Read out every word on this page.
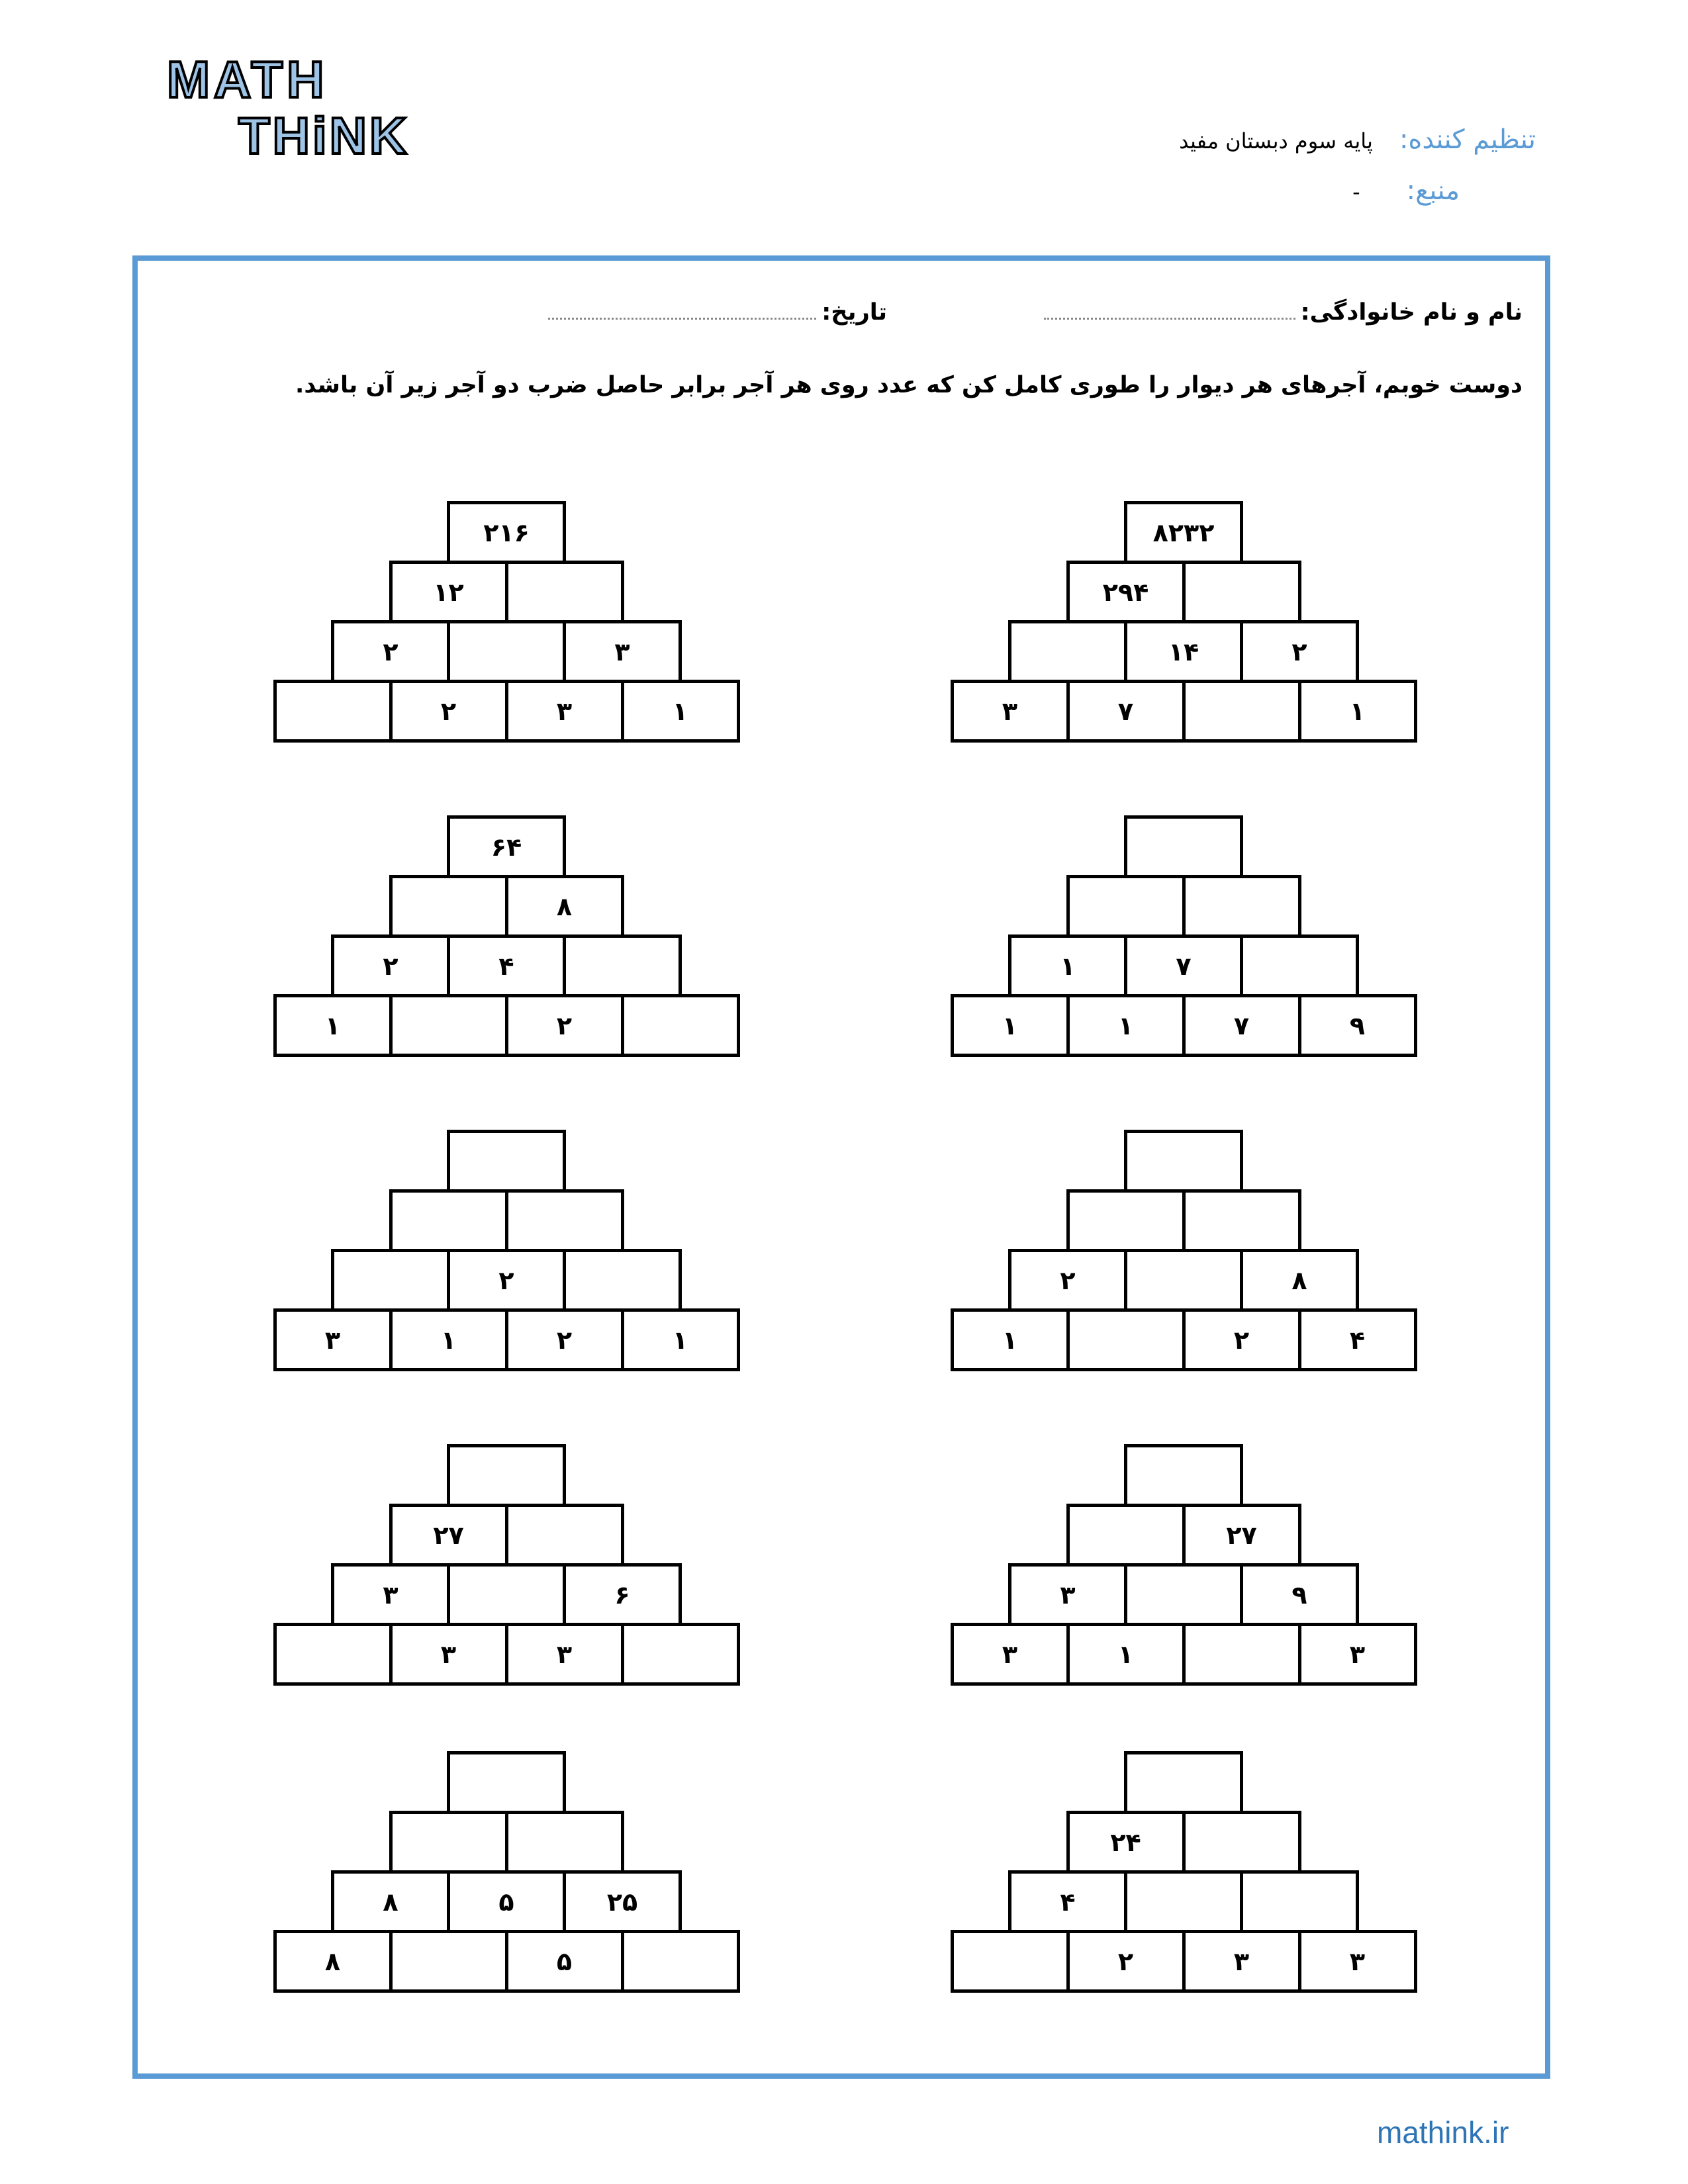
MATH
THiNK	تنظیم کننده:
پایه سوم دبستان مفید
منبع:
-
نام و نام خانوادگی:
تاریخ:
دوست خوبم، آجرهای هر دیوار را طوری کامل کن که عدد روی هر آجر برابر حاصل ضرب دو آجر زیر آن باشد.
۸۲۳۲
۲۹۴
۲
۱۴
۱
۷
۳
۲۱۶
۱۲
۳
۲
۱
۳
۲
۷
۱
۹
۷
۱
۱
۶۴
۸
۴
۲
۲
۱
۸
۲
۴
۲
۱
۲
۱
۲
۱
۳
۲۷
۹
۳
۳
۱
۳
۲۷
۶
۳
۳
۳
۲۴
۴
۳
۳
۲
۲۵
۵
۸
۵
۸
mathink.ir
